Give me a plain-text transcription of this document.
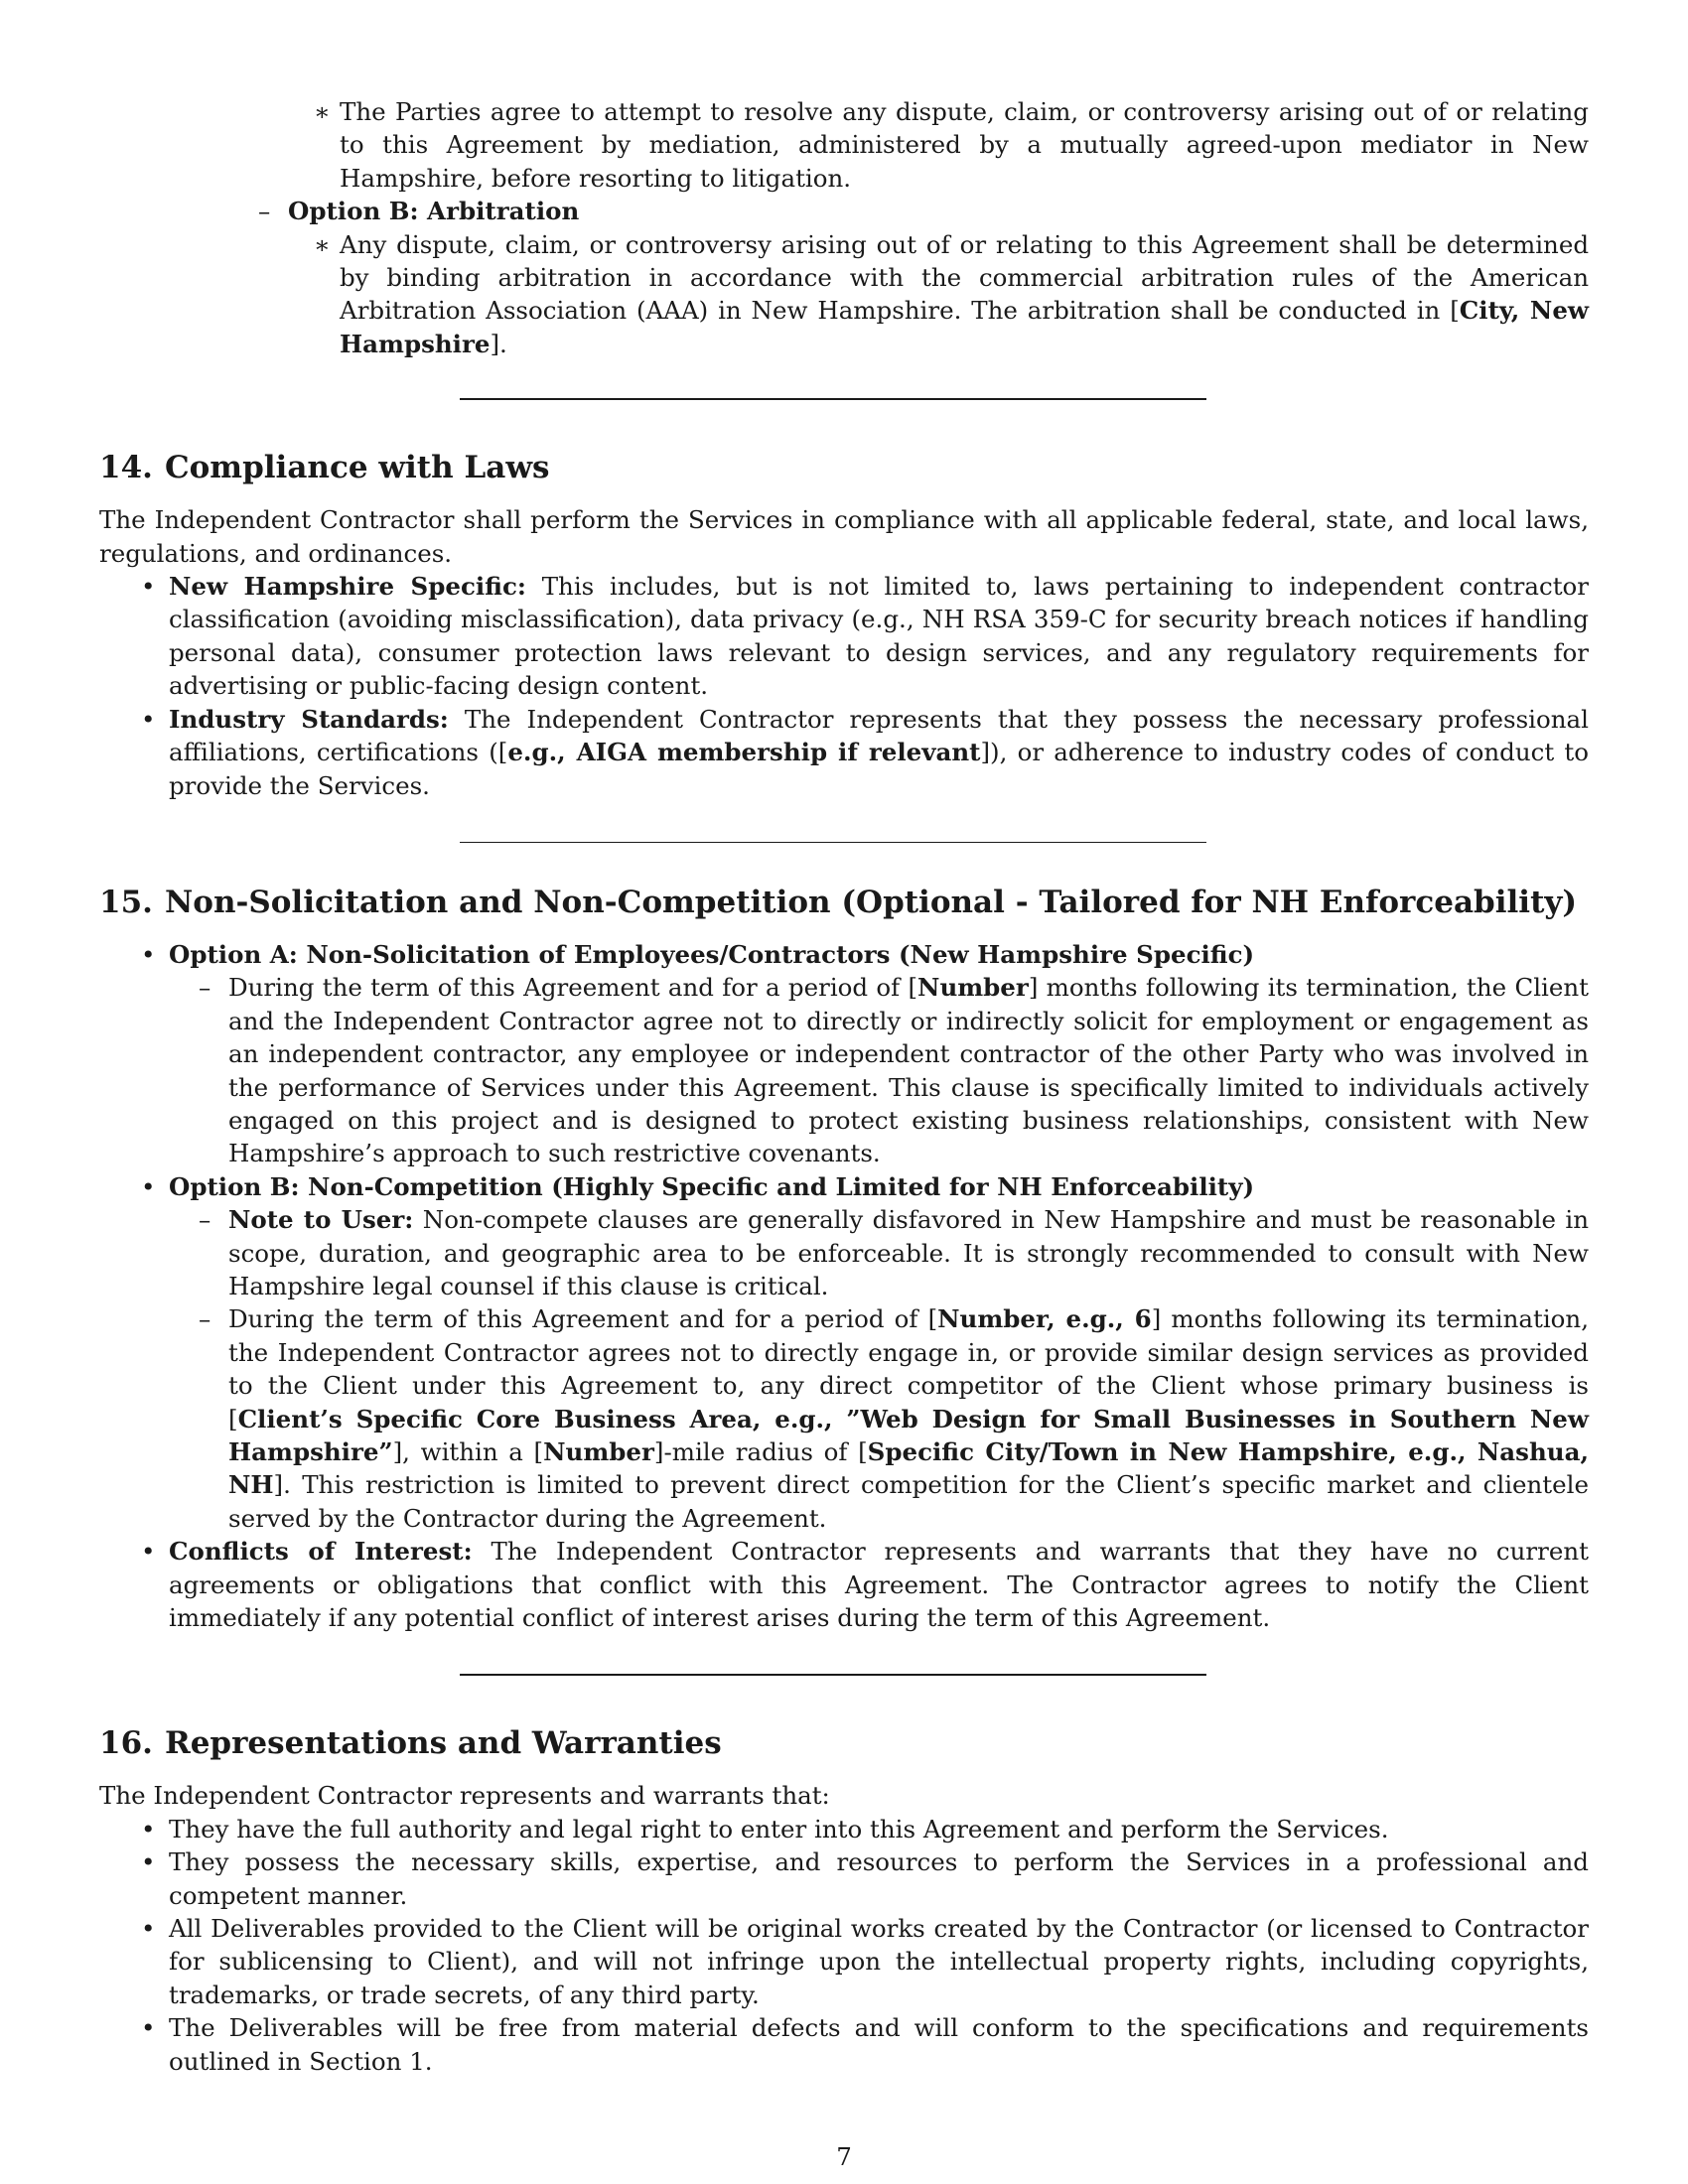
∗ The Parties agree to attempt to resolve any dispute, claim, or controversy arising out of or relating to this Agreement by mediation, administered by a mutually agreed-upon mediator in New Hampshire, before resorting to litigation.
– Option B: Arbitration
∗ Any dispute, claim, or controversy arising out of or relating to this Agreement shall be determined by binding arbitration in accordance with the commercial arbitration rules of the American Arbitration Association (AAA) in New Hampshire. The arbitration shall be conducted in [City, New Hampshire].
14. Compliance with Laws

The Independent Contractor shall perform the Services in compliance with all applicable federal, state, and local laws, regulations, and ordinances.

• New Hampshire Specific: This includes, but is not limited to, laws pertaining to independent contractor classification (avoiding misclassification), data privacy (e.g., NH RSA 359-C for security breach notices if handling personal data), consumer protection laws relevant to design services, and any regulatory requirements for advertising or public-facing design content.
• Industry Standards: The Independent Contractor represents that they possess the necessary professional affiliations, certifications ([e.g., AIGA membership if relevant]), or adherence to industry codes of conduct to provide the Services.
15. Non-Solicitation and Non-Competition (Optional - Tailored for NH Enforceability)
• Option A: Non-Solicitation of Employees/Contractors (New Hampshire Specific)
– During the term of this Agreement and for a period of [Number] months following its termination, the Client and the Independent Contractor agree not to directly or indirectly solicit for employment or engagement as an independent contractor, any employee or independent contractor of the other Party who was involved in the performance of Services under this Agreement. This clause is specifically limited to individuals actively engaged on this project and is designed to protect existing business relationships, consistent with New Hampshire’s approach to such restrictive covenants.
• Option B: Non-Competition (Highly Specific and Limited for NH Enforceability)
– Note to User: Non-compete clauses are generally disfavored in New Hampshire and must be reasonable in scope, duration, and geographic area to be enforceable. It is strongly recommended to consult with New Hampshire legal counsel if this clause is critical.
– During the term of this Agreement and for a period of [Number, e.g., 6] months following its termination, the Independent Contractor agrees not to directly engage in, or provide similar design services as provided to the Client under this Agreement to, any direct competitor of the Client whose primary business is [Client’s Specific Core Business Area, e.g., ”Web Design for Small Businesses in Southern New Hampshire”], within a [Number]-mile radius of [Specific City/Town in New Hampshire, e.g., Nashua, NH]. This restriction is limited to prevent direct competition for the Client’s specific market and clientele served by the Contractor during the Agreement.
• Conflicts of Interest: The Independent Contractor represents and warrants that they have no current agreements or obligations that conflict with this Agreement. The Contractor agrees to notify the Client immediately if any potential conflict of interest arises during the term of this Agreement.
16. Representations and Warranties

The Independent Contractor represents and warrants that:

• They have the full authority and legal right to enter into this Agreement and perform the Services.
• They possess the necessary skills, expertise, and resources to perform the Services in a professional and competent manner.
• All Deliverables provided to the Client will be original works created by the Contractor (or licensed to Contractor for sublicensing to Client), and will not infringe upon the intellectual property rights, including copyrights, trademarks, or trade secrets, of any third party.
• The Deliverables will be free from material defects and will conform to the specifications and requirements outlined in Section 1.
7
